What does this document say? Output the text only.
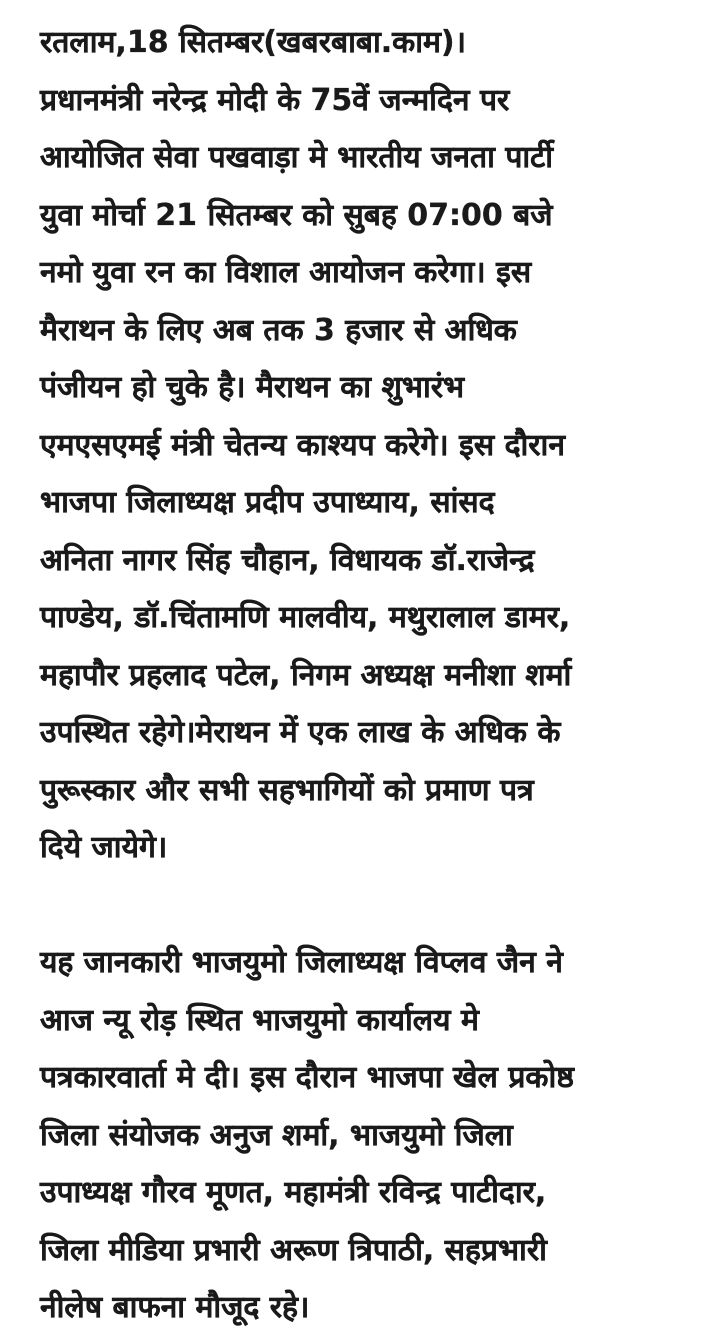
रतलाम,18 सितम्बर(खबरबाबा.काम)।
प्रधानमंत्री नरेन्द्र मोदी के 75वें जन्मदिन पर
आयोजित सेवा पखवाड़ा मे भारतीय जनता पार्टी
युवा मोर्चा 21 सितम्बर को सुबह 07:00 बजे
नमो युवा रन का विशाल आयोजन करेगा। इस
मैराथन के लिए अब तक 3 हजार से अधिक
पंजीयन हो चुके है। मैराथन का शुभारंभ
एमएसएमई मंत्री चेतन्य काश्यप करेगे। इस दौरान
भाजपा जिलाध्यक्ष प्रदीप उपाध्याय, सांसद
अनिता नागर सिंह चौहान, विधायक डॉ.राजेन्द्र
पाण्डेय, डॉ.चिंतामणि मालवीय, मथुरालाल डामर,
महापौर प्रहलाद पटेल, निगम अध्यक्ष मनीशा शर्मा
उपस्थित रहेगे।मेराथन में एक लाख के अधिक के
पुरूस्कार और सभी सहभागियों को प्रमाण पत्र
दिये जायेगे।

यह जानकारी भाजयुमो जिलाध्यक्ष विप्लव जैन ने
आज न्यू रोड़ स्थित भाजयुमो कार्यालय मे
पत्रकारवार्ता मे दी। इस दौरान भाजपा खेल प्रकोष्ठ
जिला संयोजक अनुज शर्मा, भाजयुमो जिला
उपाध्यक्ष गौरव मूणत, महामंत्री रविन्द्र पाटीदार,
जिला मीडिया प्रभारी अरूण त्रिपाठी, सहप्रभारी
नीलेष बाफना मौजूद रहे।
